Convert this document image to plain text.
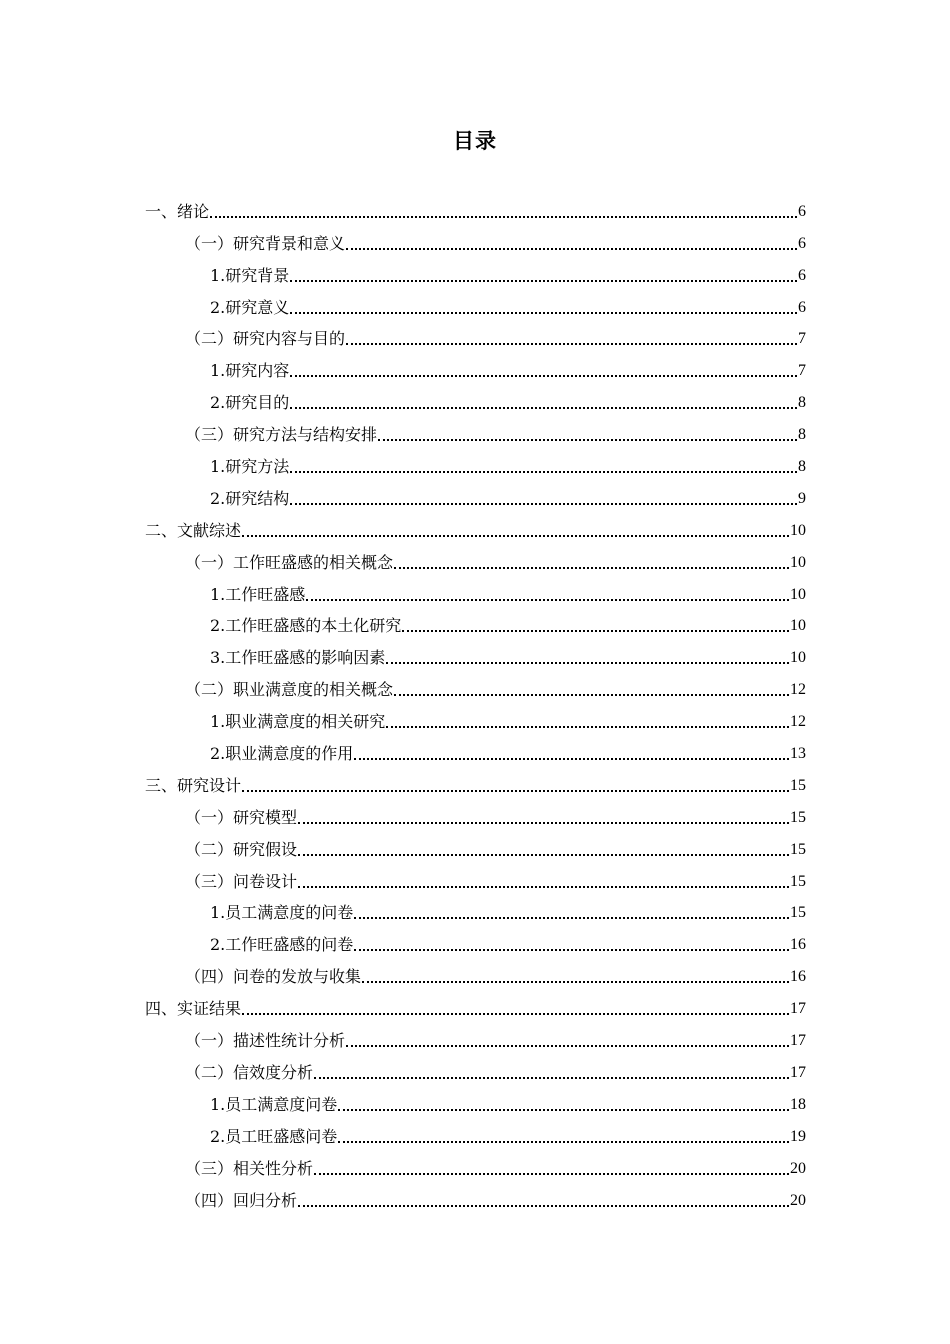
目录
一、绪论	6
（一）研究背景和意义	6
1.研究背景	6
2.研究意义	6
（二）研究内容与目的	7
1.研究内容	7
2.研究目的	8
（三）研究方法与结构安排	8
1.研究方法	8
2.研究结构	9
二、文献综述	10
（一）工作旺盛感的相关概念	10
1.工作旺盛感	10
2.工作旺盛感的本土化研究	10
3.工作旺盛感的影响因素	10
（二）职业满意度的相关概念	12
1.职业满意度的相关研究	12
2.职业满意度的作用	13
三、研究设计	15
（一）研究模型	15
（二）研究假设	15
（三）问卷设计	15
1.员工满意度的问卷	15
2.工作旺盛感的问卷	16
（四）问卷的发放与收集	16
四、实证结果	17
（一）描述性统计分析	17
（二）信效度分析	17
1.员工满意度问卷	18
2.员工旺盛感问卷	19
（三）相关性分析	20
（四）回归分析	20
